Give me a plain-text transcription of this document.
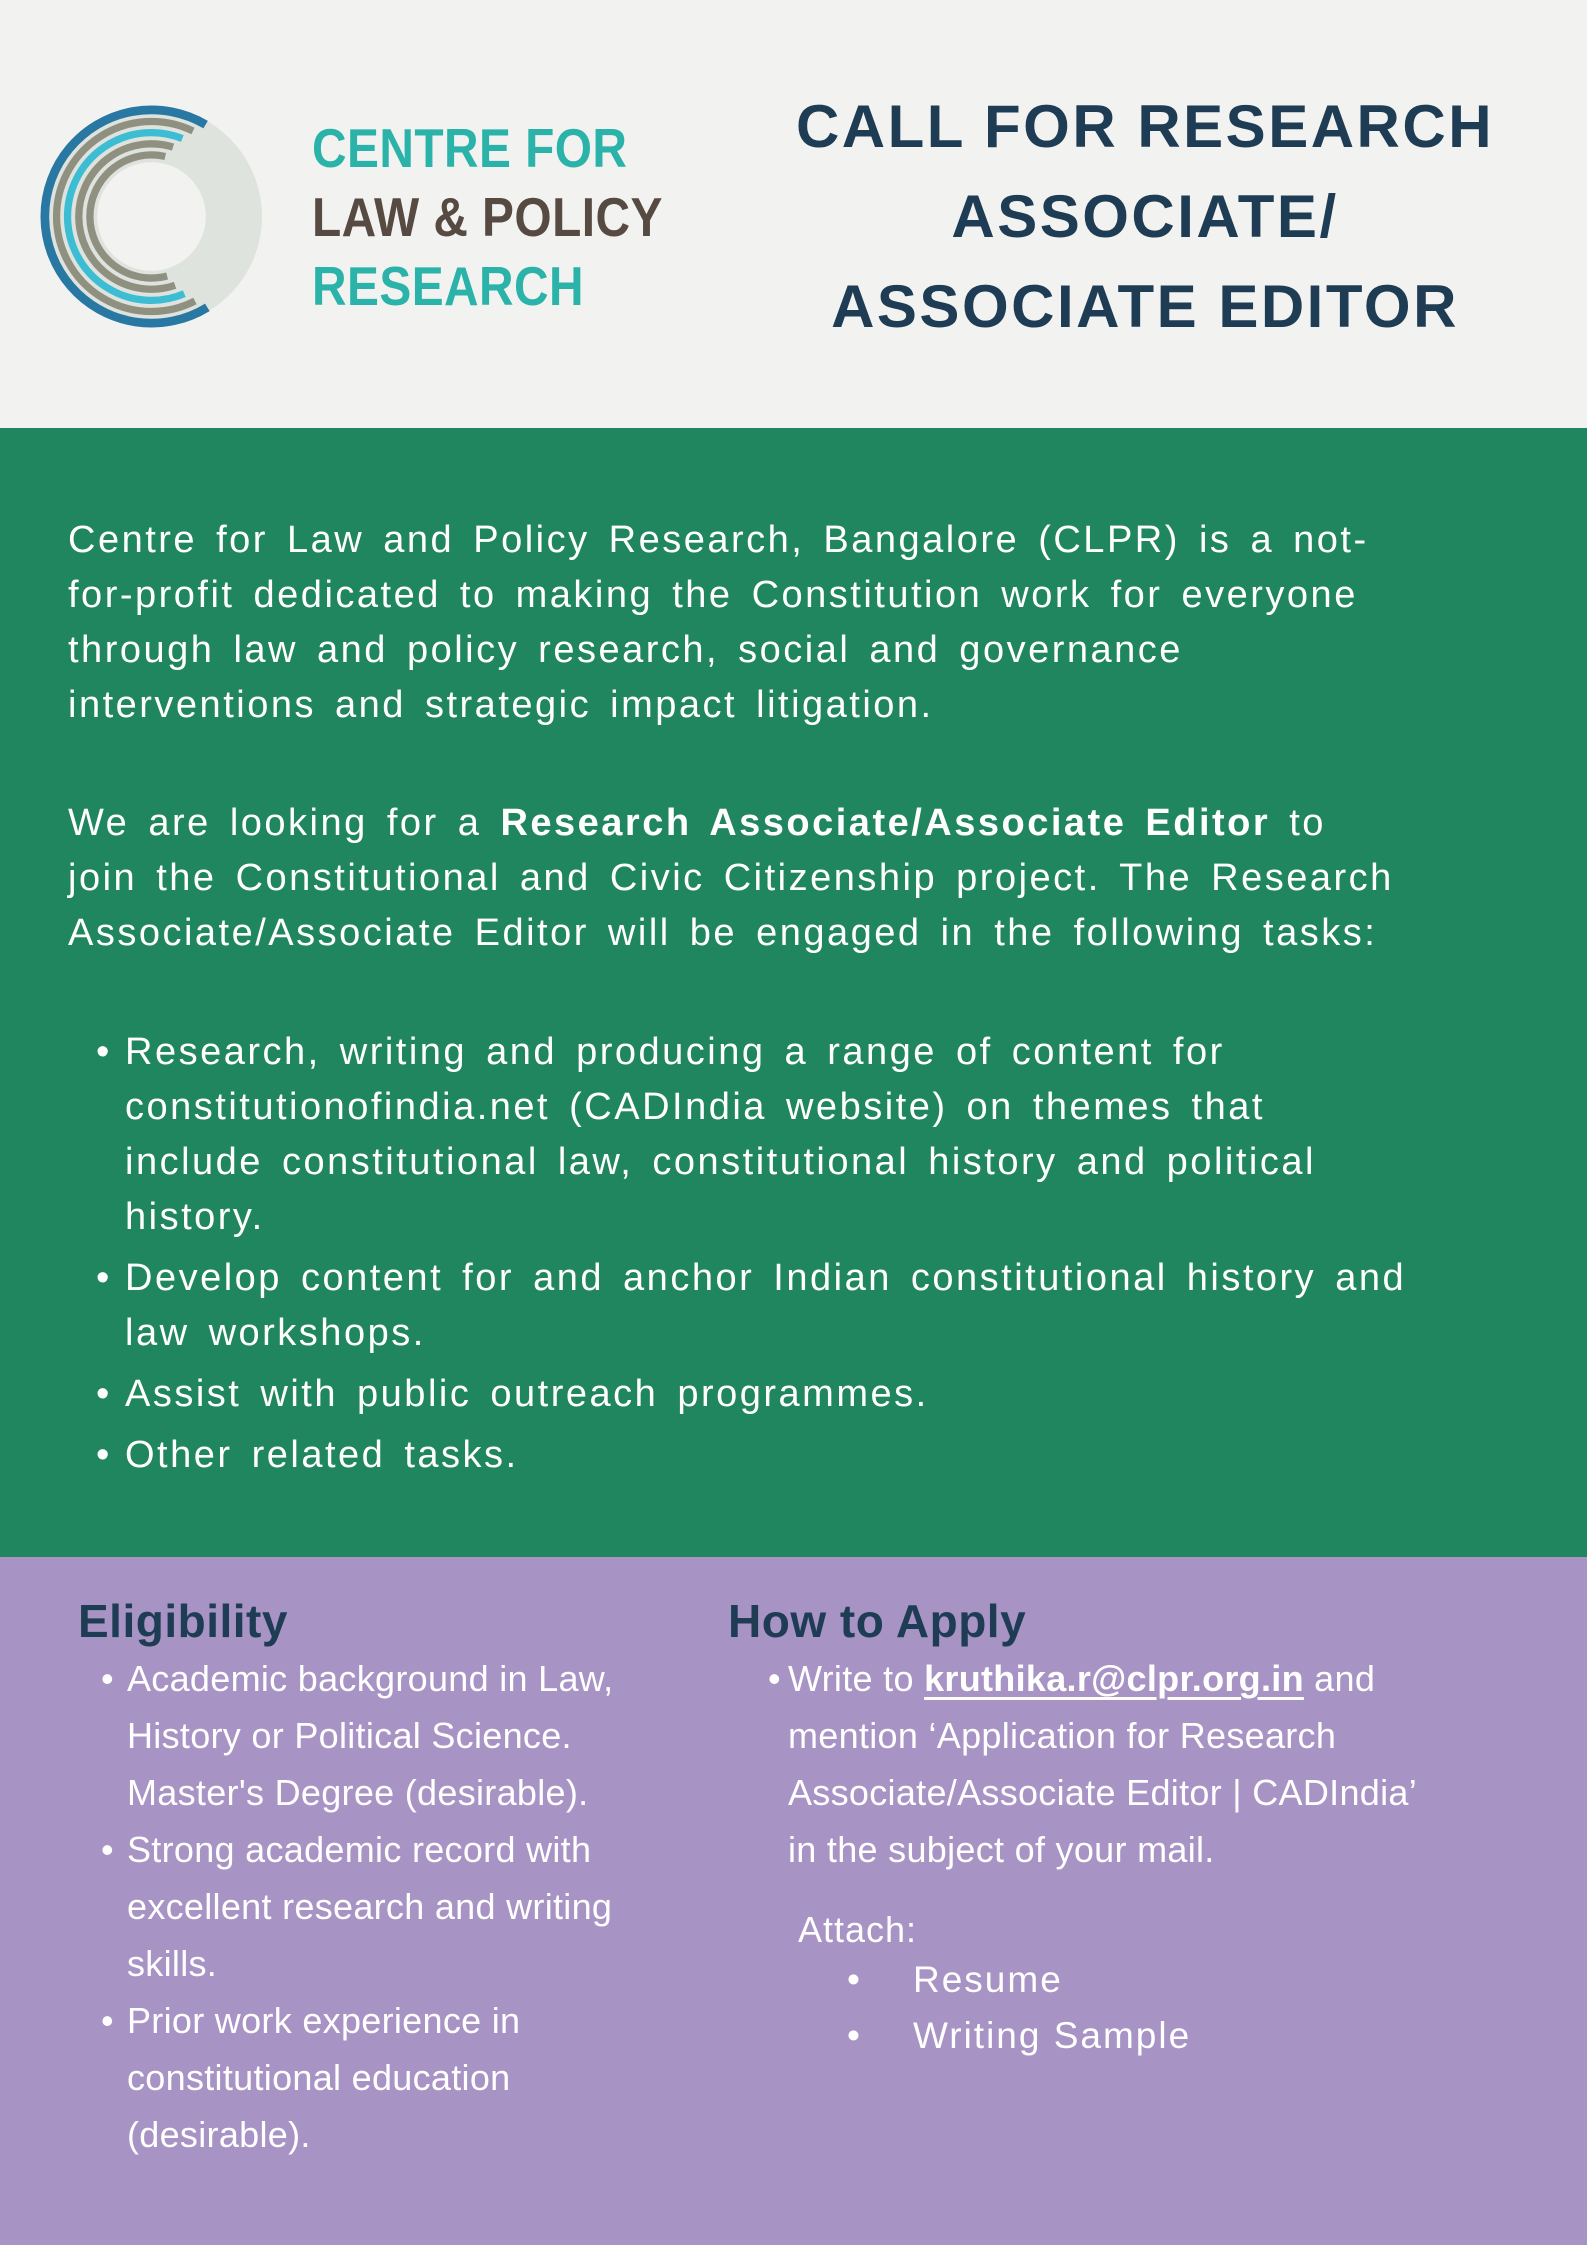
CENTRE FOR
LAW & POLICY
RESEARCH
CALL FOR RESEARCH
ASSOCIATE/
ASSOCIATE EDITOR

Centre for Law and Policy Research, Bangalore (CLPR) is a not-
for-profit dedicated to making the Constitution work for everyone
through law and policy research, social and governance
interventions and strategic impact litigation.

We are looking for a Research Associate/Associate Editor to
join the Constitutional and Civic Citizenship project. The Research
Associate/Associate Editor will be engaged in the following tasks:

• Research, writing and producing a range of content for
constitutionofindia.net (CADIndia website) on themes that
include constitutional law, constitutional history and political
history.
• Develop content for and anchor Indian constitutional history and
law workshops.
• Assist with public outreach programmes.
• Other related tasks.
Eligibility
• Academic background in Law,
History or Political Science.
Master's Degree (desirable).
• Strong academic record with
excellent research and writing
skills.
• Prior work experience in
constitutional education
(desirable).
How to Apply
• Write to kruthika.r@clpr.org.in and
mention ‘Application for Research
Associate/Associate Editor | CADIndia’
in the subject of your mail.
Attach:
• Resume
• Writing Sample
